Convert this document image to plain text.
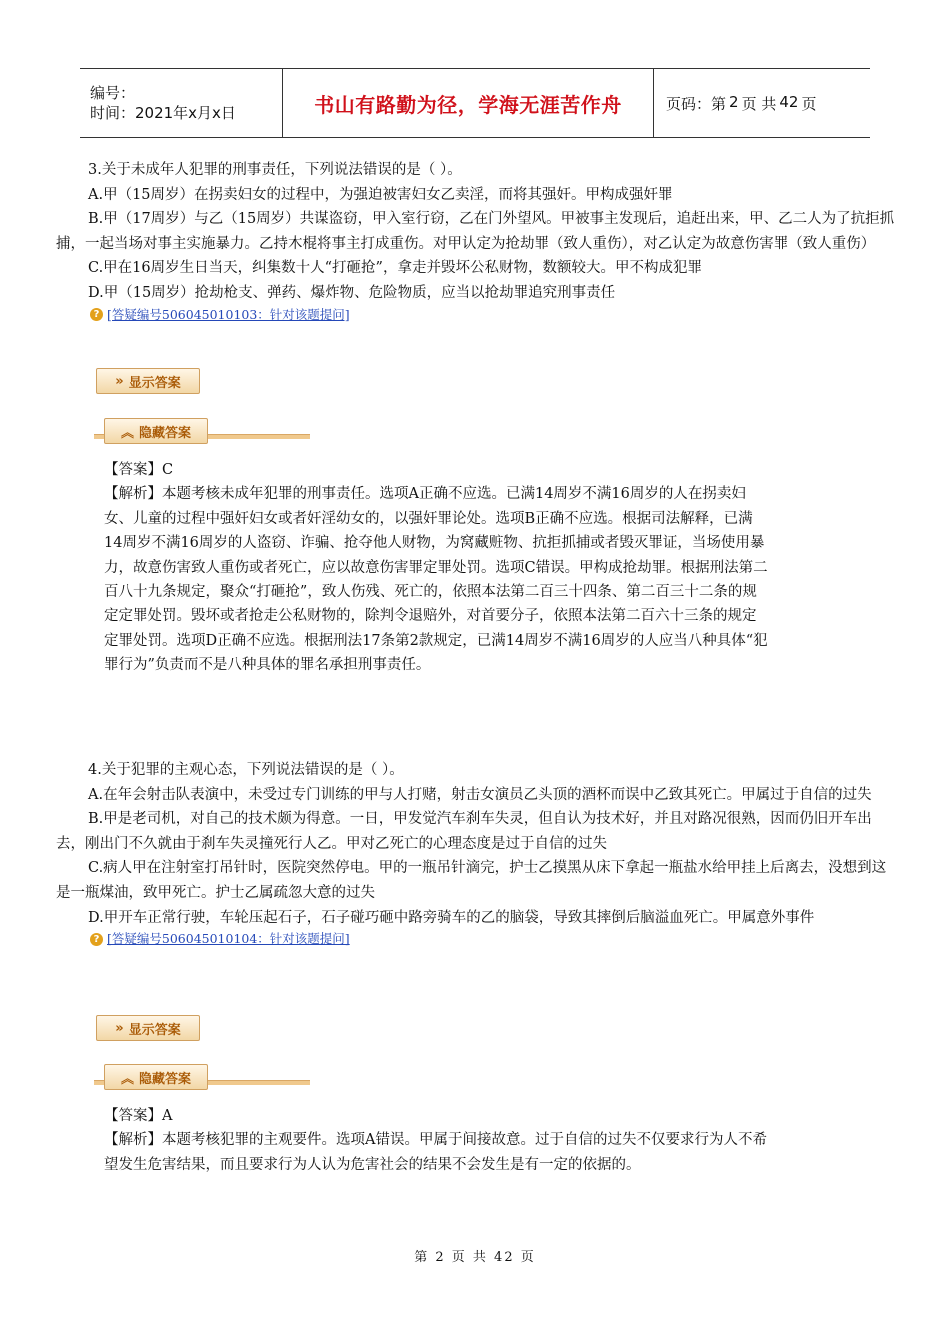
编号：
时间：2021年x月x日	书山有路勤为径，学海无涯苦作舟	页码：第 2 页 共 42 页

3.关于未成年人犯罪的刑事责任，下列说法错误的是（ ）。

A.甲（15周岁）在拐卖妇女的过程中，为强迫被害妇女乙卖淫，而将其强奸。甲构成强奸罪

B.甲（17周岁）与乙（15周岁）共谋盗窃，甲入室行窃，乙在门外望风。甲被事主发现后，追赶出来，甲、乙二人为了抗拒抓捕，一起当场对事主实施暴力。乙持木棍将事主打成重伤。对甲认定为抢劫罪（致人重伤），对乙认定为故意伤害罪（致人重伤）

C.甲在16周岁生日当天，纠集数十人“打砸抢”，拿走并毁坏公私财物，数额较大。甲不构成犯罪

D.甲（15周岁）抢劫枪支、弹药、爆炸物、危险物质，应当以抢劫罪追究刑事责任

? [答疑编号506045010103：针对该题提问]
» 显示答案
︽ 隐藏答案

【答案】C

【解析】本题考核未成年犯罪的刑事责任。选项A正确不应选。已满14周岁不满16周岁的人在拐卖妇女、儿童的过程中强奸妇女或者奸淫幼女的，以强奸罪论处。选项B正确不应选。根据司法解释，已满14周岁不满16周岁的人盗窃、诈骗、抢夺他人财物，为窝藏赃物、抗拒抓捕或者毁灭罪证，当场使用暴力，故意伤害致人重伤或者死亡，应以故意伤害罪定罪处罚。选项C错误。甲构成抢劫罪。根据刑法第二百八十九条规定，聚众“打砸抢”，致人伤残、死亡的，依照本法第二百三十四条、第二百三十二条的规定定罪处罚。毁坏或者抢走公私财物的，除判令退赔外，对首要分子，依照本法第二百六十三条的规定定罪处罚。选项D正确不应选。根据刑法17条第2款规定，已满14周岁不满16周岁的人应当八种具体“犯罪行为”负责而不是八种具体的罪名承担刑事责任。

4.关于犯罪的主观心态，下列说法错误的是（ ）。

A.在年会射击队表演中，未受过专门训练的甲与人打赌，射击女演员乙头顶的酒杯而误中乙致其死亡。甲属过于自信的过失

B.甲是老司机，对自己的技术颇为得意。一日，甲发觉汽车刹车失灵，但自认为技术好，并且对路况很熟，因而仍旧开车出去，刚出门不久就由于刹车失灵撞死行人乙。甲对乙死亡的心理态度是过于自信的过失

C.病人甲在注射室打吊针时，医院突然停电。甲的一瓶吊针滴完，护士乙摸黑从床下拿起一瓶盐水给甲挂上后离去，没想到这是一瓶煤油，致甲死亡。护士乙属疏忽大意的过失

D.甲开车正常行驶，车轮压起石子，石子碰巧砸中路旁骑车的乙的脑袋，导致其摔倒后脑溢血死亡。甲属意外事件

? [答疑编号506045010104：针对该题提问]
» 显示答案
︽ 隐藏答案

【答案】A

【解析】本题考核犯罪的主观要件。选项A错误。甲属于间接故意。过于自信的过失不仅要求行为人不希望发生危害结果，而且要求行为人认为危害社会的结果不会发生是有一定的依据的。

第 2 页 共 42 页
